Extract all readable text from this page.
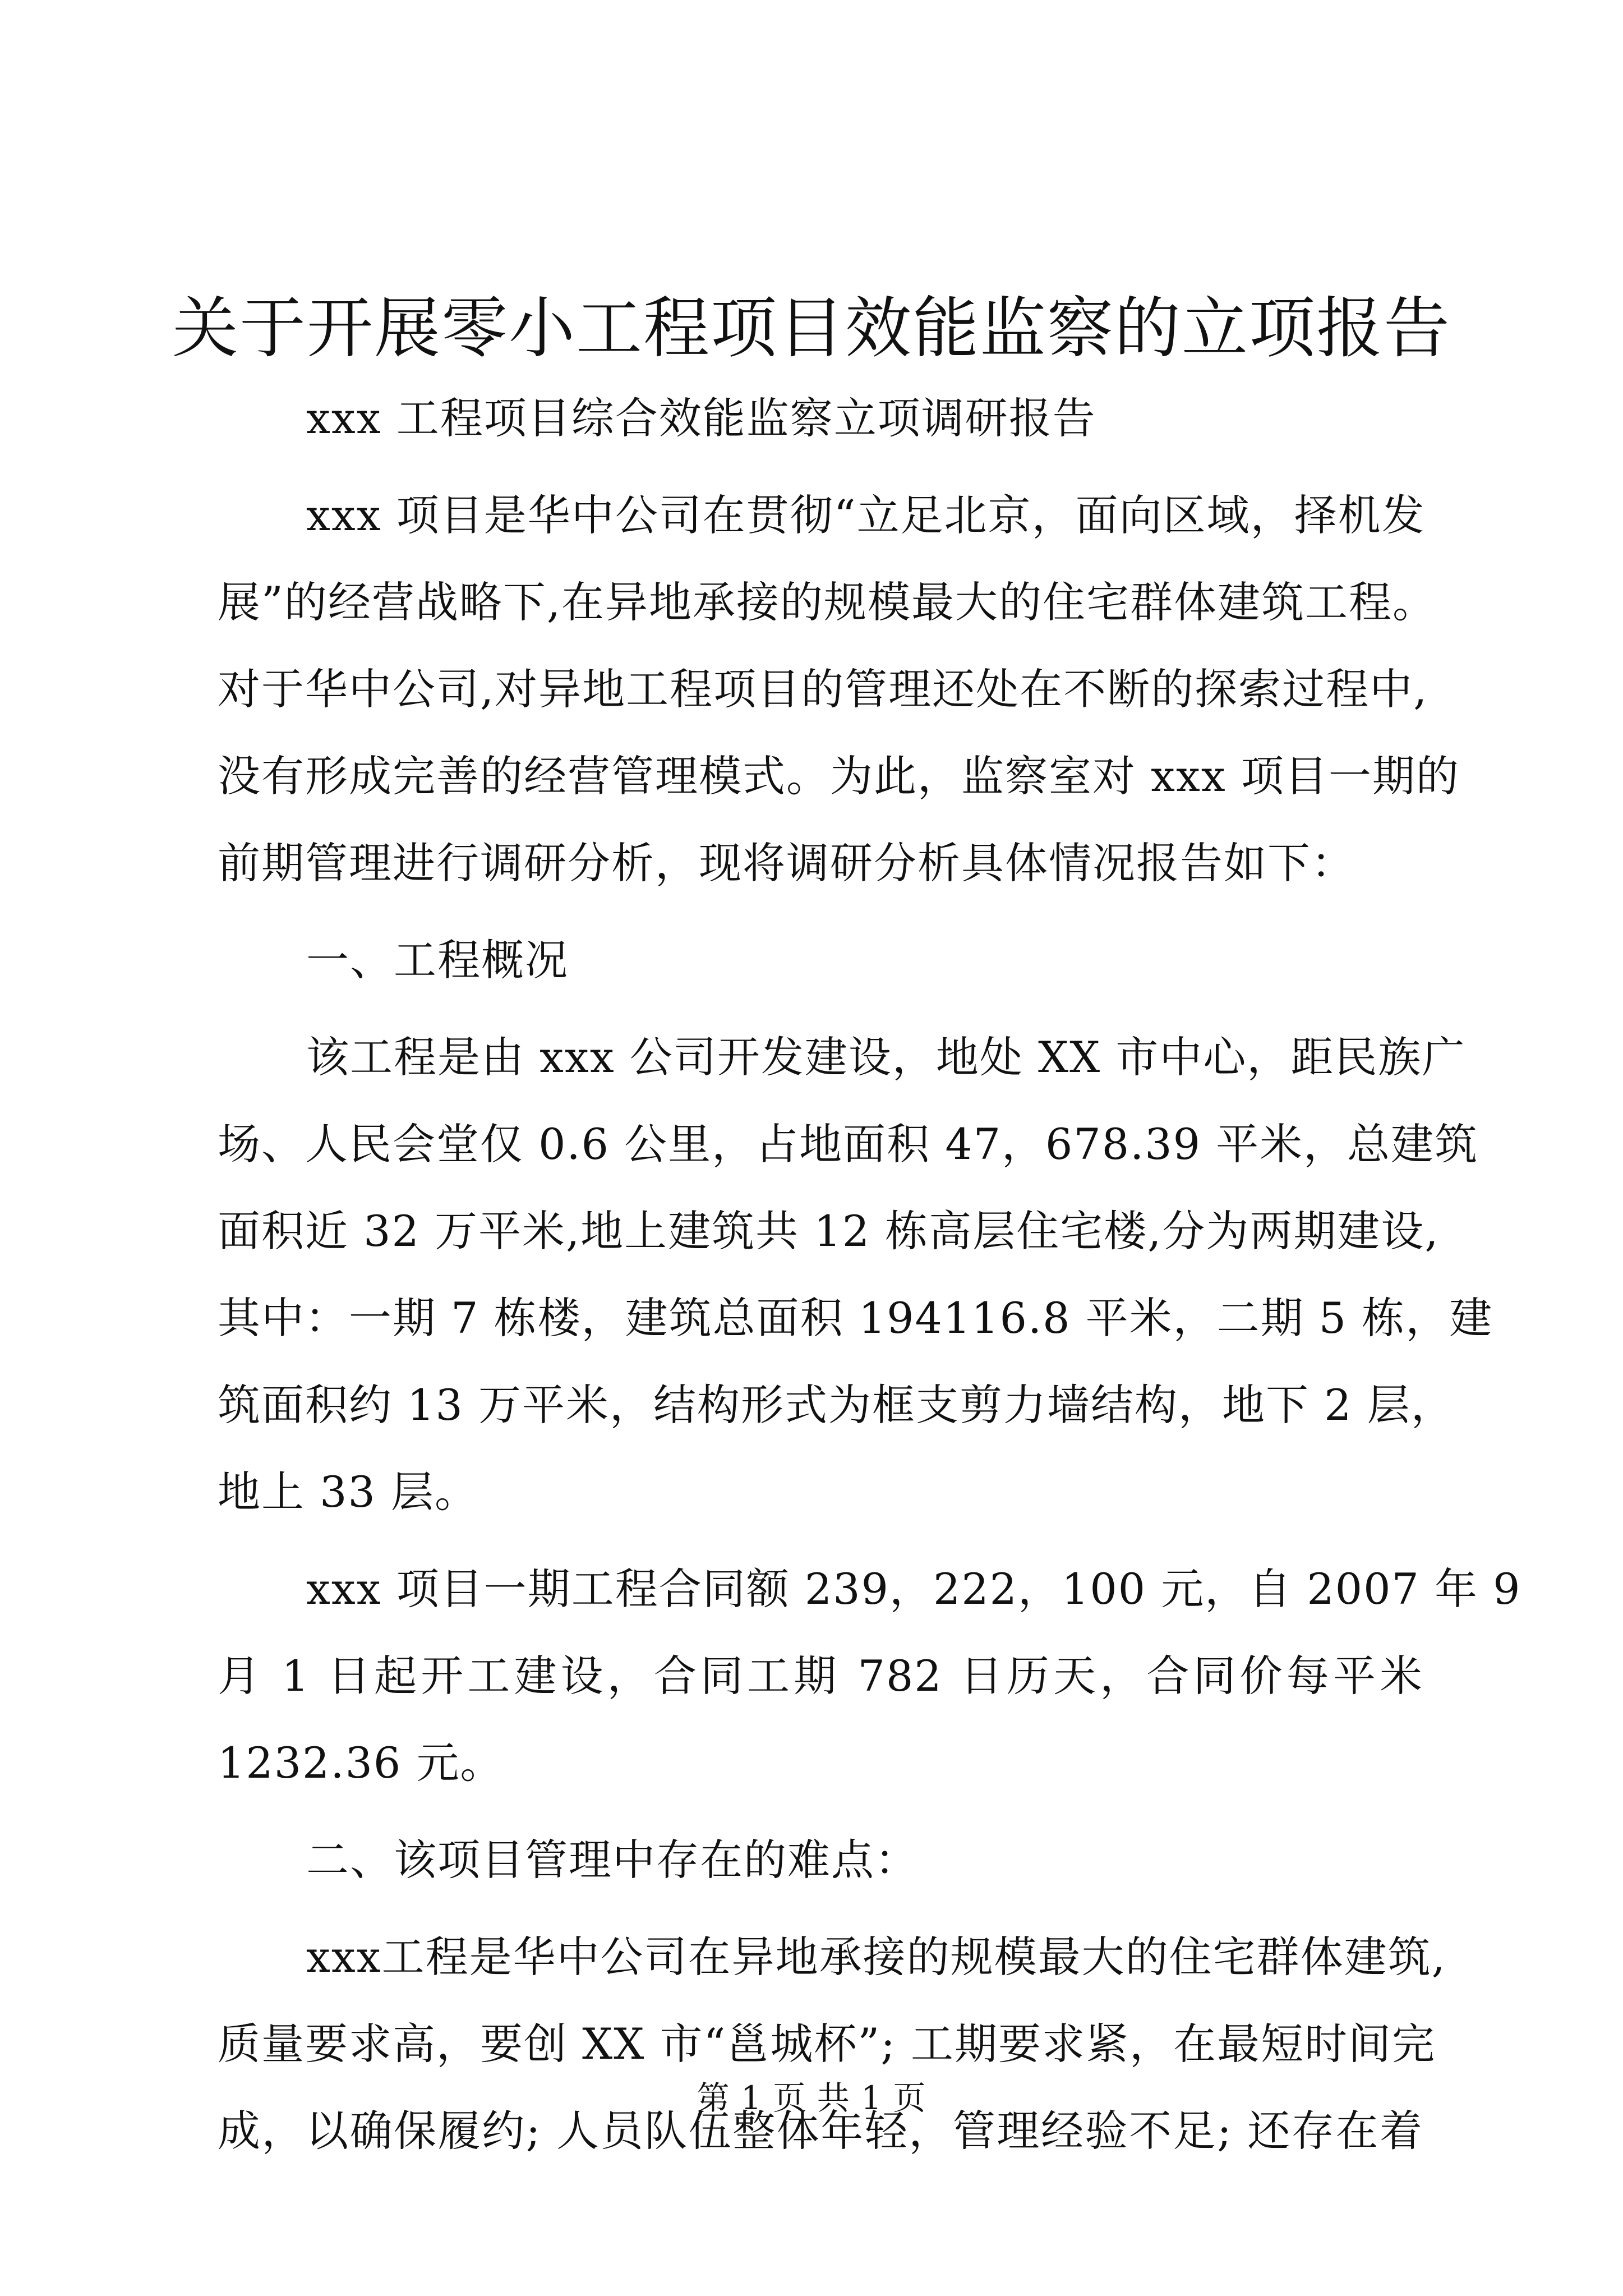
关于开展零小工程项目效能监察的立项报告
xxx 工程项目综合效能监察立项调研报告
xxx 项目是华中公司在贯彻“立足北京，面向区域，择机发
展”的经营战略下,在异地承接的规模最大的住宅群体建筑工程。
对于华中公司,对异地工程项目的管理还处在不断的探索过程中,
没有形成完善的经营管理模式。为此，监察室对 xxx 项目一期的
前期管理进行调研分析，现将调研分析具体情况报告如下：
一、工程概况
该工程是由 xxx 公司开发建设，地处 XX 市中心，距民族广
场、人民会堂仅 0.6 公里，占地面积 47，678.39 平米，总建筑
面积近 32 万平米,地上建筑共 12 栋高层住宅楼,分为两期建设,
其中：一期 7 栋楼，建筑总面积 194116.8 平米，二期 5 栋，建
筑面积约 13 万平米，结构形式为框支剪力墙结构，地下 2 层，
地上 33 层。
xxx 项目一期工程合同额 239，222，100 元，自 2007 年 9
月 1 日起开工建设，合同工期 782 日历天，合同价每平米
1232.36 元。
二、该项目管理中存在的难点：
xxx工程是华中公司在异地承接的规模最大的住宅群体建筑,
质量要求高，要创 XX 市“邕城杯”; 工期要求紧，在最短时间完
成，以确保履约; 人员队伍整体年轻，管理经验不足; 还存在着
第 1 页 共 1 页
